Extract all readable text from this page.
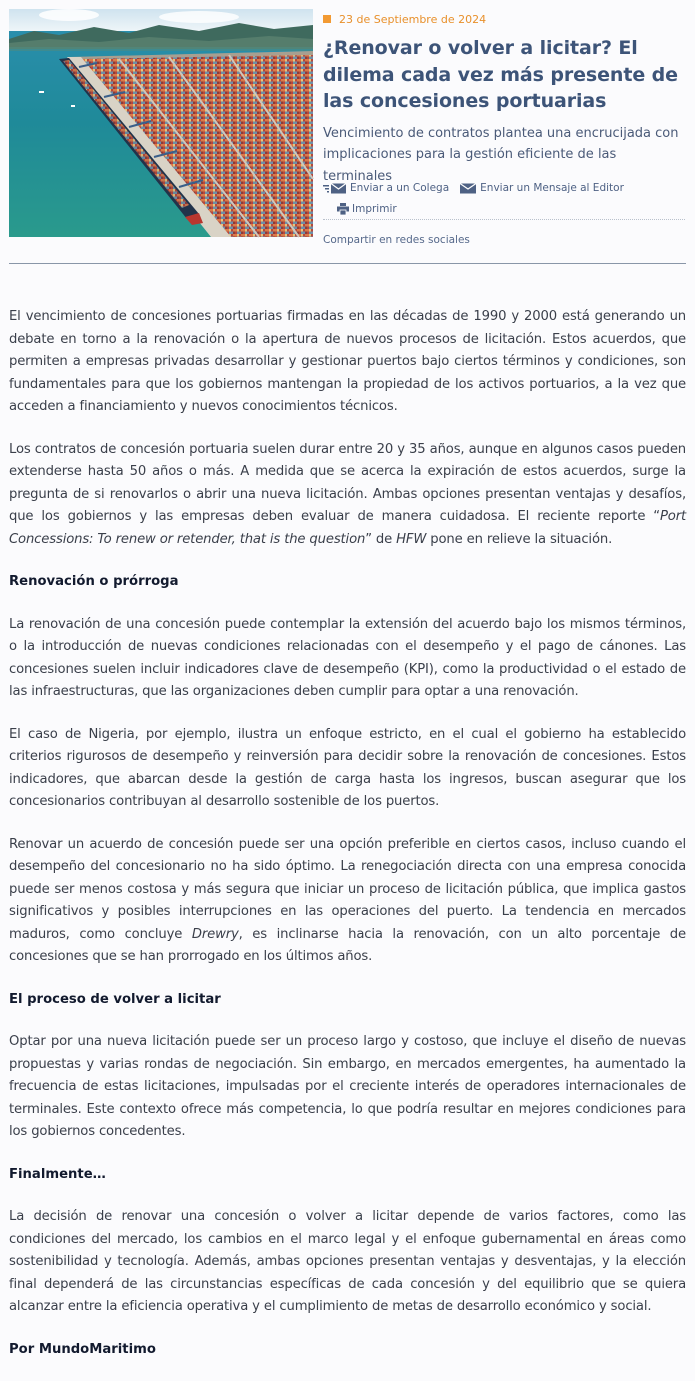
23 de Septiembre de 2024
¿Renovar o volver a licitar? El dilema cada vez más presente de las concesiones portuarias

Vencimiento de contratos plantea una encrucijada con implicaciones para la gestión eficiente de las terminales

Enviar a un Colega	Enviar un Mensaje al Editor
Imprimir
Compartir en redes sociales

El vencimiento de concesiones portuarias firmadas en las décadas de 1990 y 2000 está generando un debate en torno a la renovación o la apertura de nuevos procesos de licitación. Estos acuerdos, que permiten a empresas privadas desarrollar y gestionar puertos bajo ciertos términos y condiciones, son fundamentales para que los gobiernos mantengan la propiedad de los activos portuarios, a la vez que acceden a financiamiento y nuevos conocimientos técnicos.

Los contratos de concesión portuaria suelen durar entre 20 y 35 años, aunque en algunos casos pueden extenderse hasta 50 años o más. A medida que se acerca la expiración de estos acuerdos, surge la pregunta de si renovarlos o abrir una nueva licitación. Ambas opciones presentan ventajas y desafíos, que los gobiernos y las empresas deben evaluar de manera cuidadosa. El reciente reporte “Port Concessions: To renew or retender, that is the question” de HFW pone en relieve la situación.

Renovación o prórroga

La renovación de una concesión puede contemplar la extensión del acuerdo bajo los mismos términos, o la introducción de nuevas condiciones relacionadas con el desempeño y el pago de cánones. Las concesiones suelen incluir indicadores clave de desempeño (KPI), como la productividad o el estado de las infraestructuras, que las organizaciones deben cumplir para optar a una renovación.

El caso de Nigeria, por ejemplo, ilustra un enfoque estricto, en el cual el gobierno ha establecido criterios rigurosos de desempeño y reinversión para decidir sobre la renovación de concesiones. Estos indicadores, que abarcan desde la gestión de carga hasta los ingresos, buscan asegurar que los concesionarios contribuyan al desarrollo sostenible de los puertos.

Renovar un acuerdo de concesión puede ser una opción preferible en ciertos casos, incluso cuando el desempeño del concesionario no ha sido óptimo. La renegociación directa con una empresa conocida puede ser menos costosa y más segura que iniciar un proceso de licitación pública, que implica gastos significativos y posibles interrupciones en las operaciones del puerto. La tendencia en mercados maduros, como concluye Drewry, es inclinarse hacia la renovación, con un alto porcentaje de concesiones que se han prorrogado en los últimos años.

El proceso de volver a licitar

Optar por una nueva licitación puede ser un proceso largo y costoso, que incluye el diseño de nuevas propuestas y varias rondas de negociación. Sin embargo, en mercados emergentes, ha aumentado la frecuencia de estas licitaciones, impulsadas por el creciente interés de operadores internacionales de terminales. Este contexto ofrece más competencia, lo que podría resultar en mejores condiciones para los gobiernos concedentes.

Finalmente…

La decisión de renovar una concesión o volver a licitar depende de varios factores, como las condiciones del mercado, los cambios en el marco legal y el enfoque gubernamental en áreas como sostenibilidad y tecnología. Además, ambas opciones presentan ventajas y desventajas, y la elección final dependerá de las circunstancias específicas de cada concesión y del equilibrio que se quiera alcanzar entre la eficiencia operativa y el cumplimiento de metas de desarrollo económico y social.

Por MundoMaritimo
